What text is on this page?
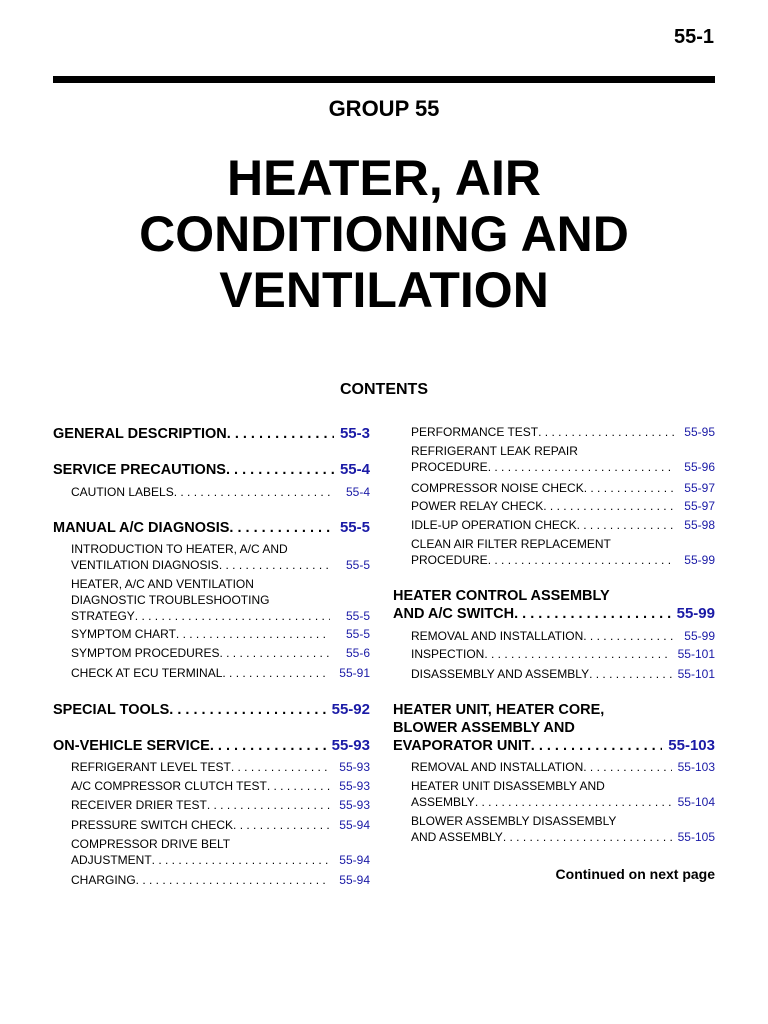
55-1
GROUP 55
HEATER, AIR
CONDITIONING AND
VENTILATION
CONTENTS
GENERAL DESCRIPTION . . .	55-3
SERVICE PRECAUTIONS . . .	55-4
CAUTION LABELS . . .	55-4
MANUAL A/C DIAGNOSIS . . .	55-5
INTRODUCTION TO HEATER, A/C AND
VENTILATION DIAGNOSIS . . .	55-5
HEATER, A/C AND VENTILATION
DIAGNOSTIC TROUBLESHOOTING
STRATEGY . . .	55-5
SYMPTOM CHART . . .	55-5
SYMPTOM PROCEDURES . . .	55-6
CHECK AT ECU TERMINAL . . .	55-91
SPECIAL TOOLS . . .	55-92
ON-VEHICLE SERVICE . . .	55-93
REFRIGERANT LEVEL TEST . . .	55-93
A/C COMPRESSOR CLUTCH TEST . . .	55-93
RECEIVER DRIER TEST . . .	55-93
PRESSURE SWITCH CHECK . . .	55-94
COMPRESSOR DRIVE BELT
ADJUSTMENT . . .	55-94
CHARGING . . .	55-94
PERFORMANCE TEST . . .	55-95
REFRIGERANT LEAK REPAIR
PROCEDURE . . .	55-96
COMPRESSOR NOISE CHECK . . .	55-97
POWER RELAY CHECK . . .	55-97
IDLE-UP OPERATION CHECK . . .	55-98
CLEAN AIR FILTER REPLACEMENT
PROCEDURE . . .	55-99
HEATER CONTROL ASSEMBLY
AND A/C SWITCH . . .	55-99
REMOVAL AND INSTALLATION . . .	55-99
INSPECTION . . .	55-101
DISASSEMBLY AND ASSEMBLY . . .	55-101
HEATER UNIT, HEATER CORE,
BLOWER ASSEMBLY AND
EVAPORATOR UNIT . . .	55-103
REMOVAL AND INSTALLATION . . .	55-103
HEATER UNIT DISASSEMBLY AND
ASSEMBLY . . .	55-104
BLOWER ASSEMBLY DISASSEMBLY
AND ASSEMBLY . . .	55-105
Continued on next page
